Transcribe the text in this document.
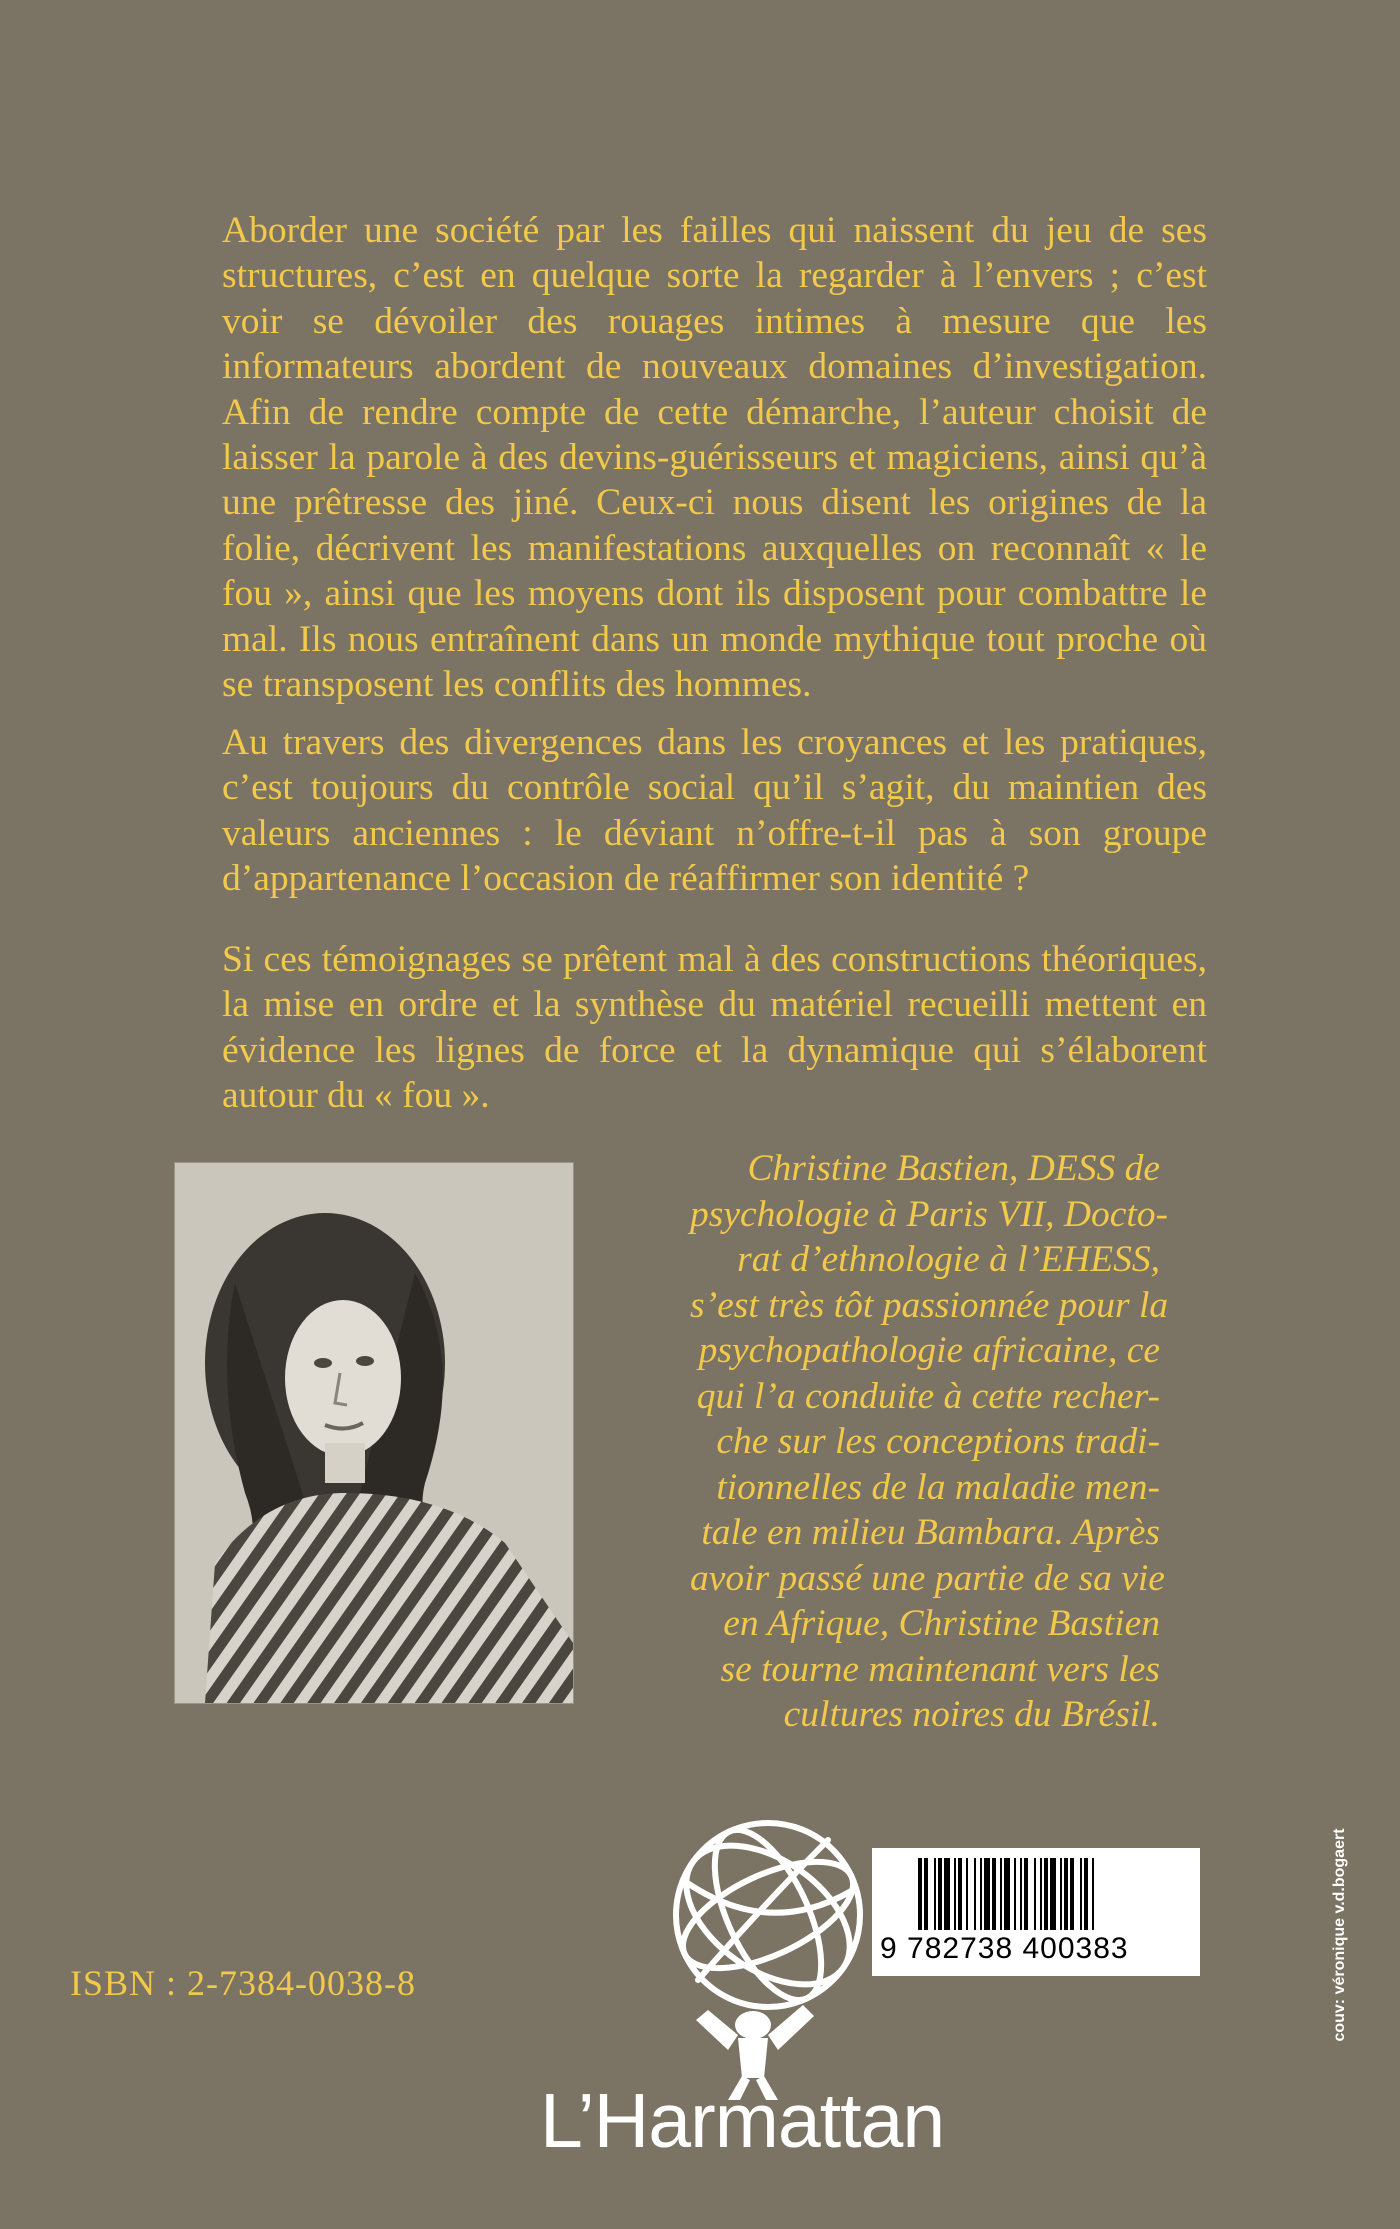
Aborder une société par les failles qui naissent du jeu de ses structures, c’est en quelque sorte la regarder à l’envers ; c’est voir se dévoiler des rouages intimes à mesure que les informateurs abordent de nouveaux domaines d’investigation. Afin de rendre compte de cette démarche, l’auteur choisit de laisser la parole à des devins-guérisseurs et magiciens, ainsi qu’à une prêtresse des jiné. Ceux-ci nous disent les origines de la folie, décrivent les manifestations auxquelles on reconnaît « le fou », ainsi que les moyens dont ils disposent pour combattre le mal. Ils nous entraînent dans un monde mythique tout proche où se transposent les conflits des hommes.

Au travers des divergences dans les croyances et les pratiques, c’est toujours du contrôle social qu’il s’agit, du maintien des valeurs anciennes : le déviant n’offre-t-il pas à son groupe d’appartenance l’occasion de réaffirmer son identité ?

Si ces témoignages se prêtent mal à des constructions théoriques, la mise en ordre et la synthèse du matériel recueilli mettent en évidence les lignes de force et la dynamique qui s’élaborent autour du « fou ».

Christine Bastien, DESS de
psychologie à Paris VII, Docto-
rat d’ethnologie à l’EHESS,
s’est très tôt passionnée pour la
psychopathologie africaine, ce
qui l’a conduite à cette recher-
che sur les conceptions tradi-
tionnelles de la maladie men-
tale en milieu Bambara. Après
avoir passé une partie de sa vie
en Afrique, Christine Bastien
se tourne maintenant vers les
cultures noires du Brésil.
ISBN : 2-7384-0038-8
L’Harmattan
9 782738 400383	couv: véronique v.d.bogaert
